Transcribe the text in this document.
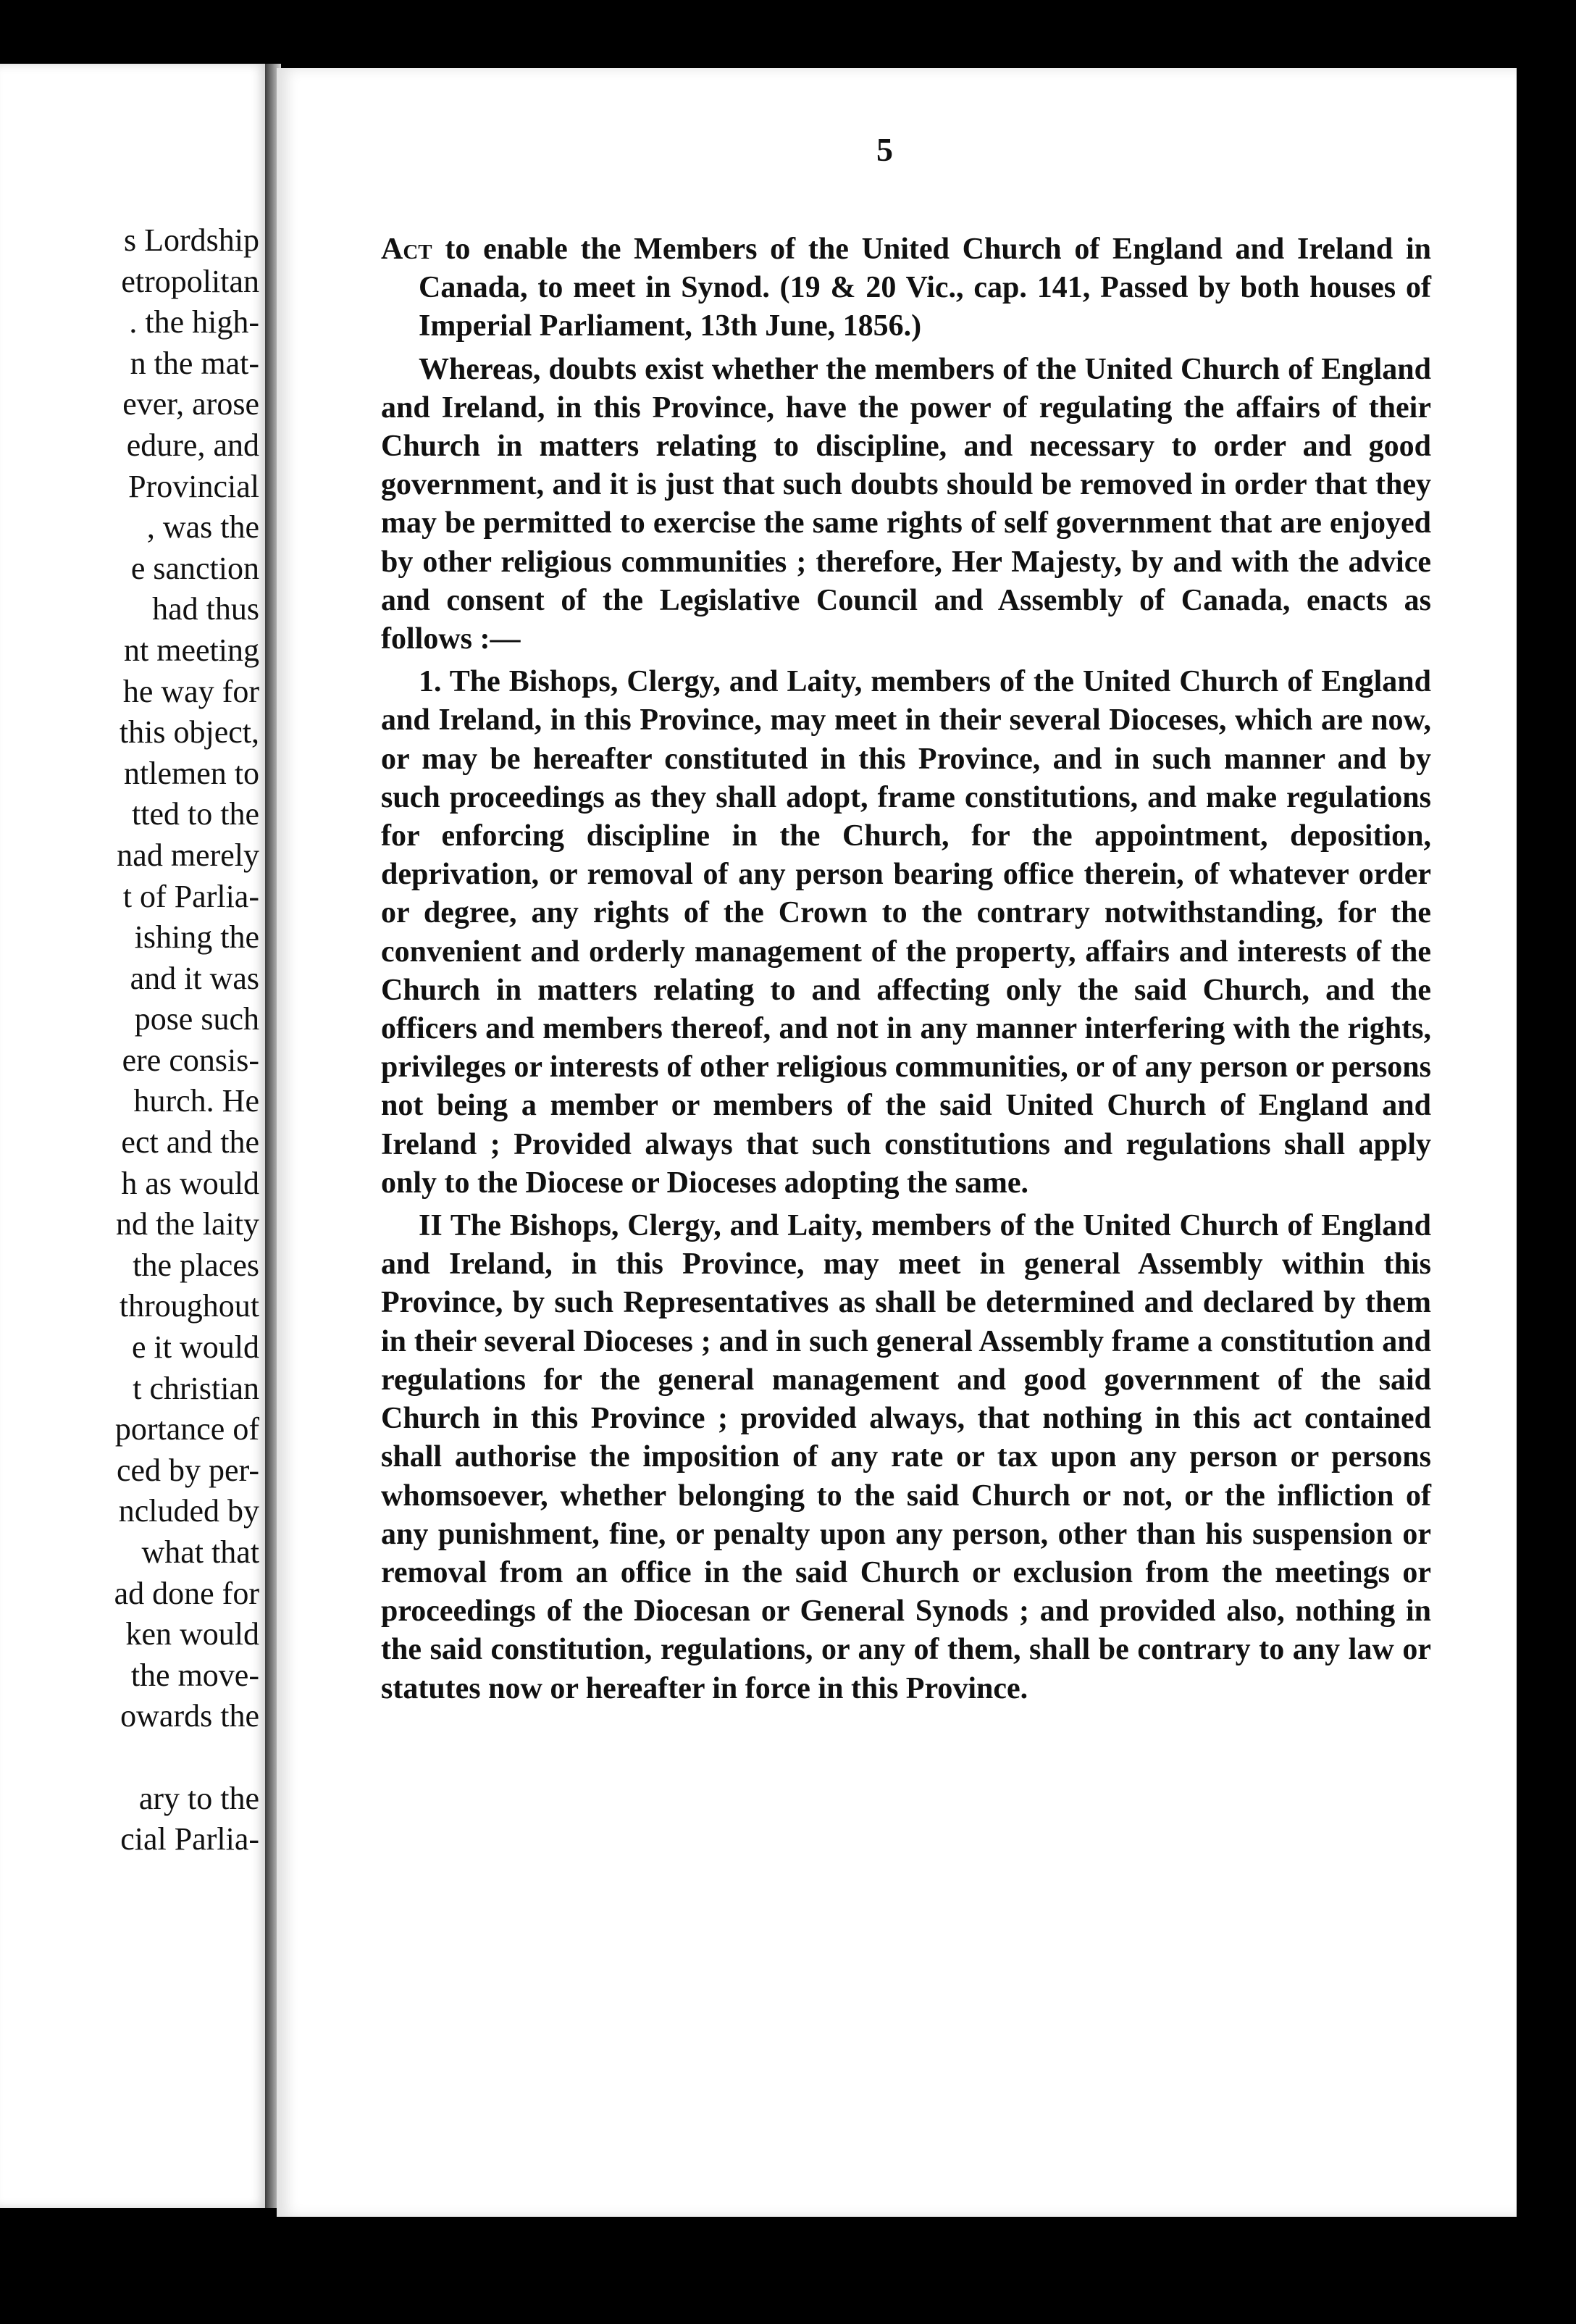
s Lordship
etropolitan
. the high-
n the mat-
ever, arose
edure, and
Provincial
, was the
e sanction
had thus
nt meeting
he way for
this object,
ntlemen to
tted to the
nad merely
t of Parlia-
ishing the
and it was
pose such
ere consis-
hurch. He
ect and the
h as would
nd the laity
the places
throughout
e it would
t christian
portance of
ced by per-
ncluded by
what that
ad done for
ken would
the move-
owards the
ary to the
cial Parlia-
5

Act to enable the Members of the United Church of England and Ireland in Canada, to meet in Synod. (19 & 20 Vic., cap. 141, Passed by both houses of Imperial Parliament, 13th June, 1856.)

Whereas, doubts exist whether the members of the United Church of England and Ireland, in this Province, have the power of regulating the affairs of their Church in matters relating to discipline, and necessary to order and good government, and it is just that such doubts should be removed in order that they may be permitted to exercise the same rights of self government that are enjoyed by other religious communities ; therefore, Her Majesty, by and with the advice and consent of the Legislative Council and Assembly of Canada, enacts as follows :—

1. The Bishops, Clergy, and Laity, members of the United Church of England and Ireland, in this Province, may meet in their several Dioceses, which are now, or may be hereafter constituted in this Province, and in such manner and by such proceedings as they shall adopt, frame constitutions, and make regulations for enforcing discipline in the Church, for the appointment, deposition, deprivation, or removal of any person bearing office therein, of whatever order or degree, any rights of the Crown to the contrary notwithstanding, for the convenient and orderly management of the property, affairs and interests of the Church in matters relating to and affecting only the said Church, and the officers and members thereof, and not in any manner interfering with the rights, privileges or interests of other religious communities, or of any person or persons not being a member or members of the said United Church of England and Ireland ; Provided always that such constitutions and regulations shall apply only to the Diocese or Dioceses adopting the same.

II The Bishops, Clergy, and Laity, members of the United Church of England and Ireland, in this Province, may meet in general Assembly within this Province, by such Representatives as shall be determined and declared by them in their several Dioceses ; and in such general Assembly frame a constitution and regulations for the general management and good government of the said Church in this Province ; provided always, that nothing in this act contained shall authorise the imposition of any rate or tax upon any person or persons whomsoever, whether belonging to the said Church or not, or the infliction of any punishment, fine, or penalty upon any person, other than his suspension or removal from an office in the said Church or exclusion from the meetings or proceedings of the Diocesan or General Synods ; and provided also, nothing in the said constitution, regulations, or any of them, shall be contrary to any law or statutes now or hereafter in force in this Province.
